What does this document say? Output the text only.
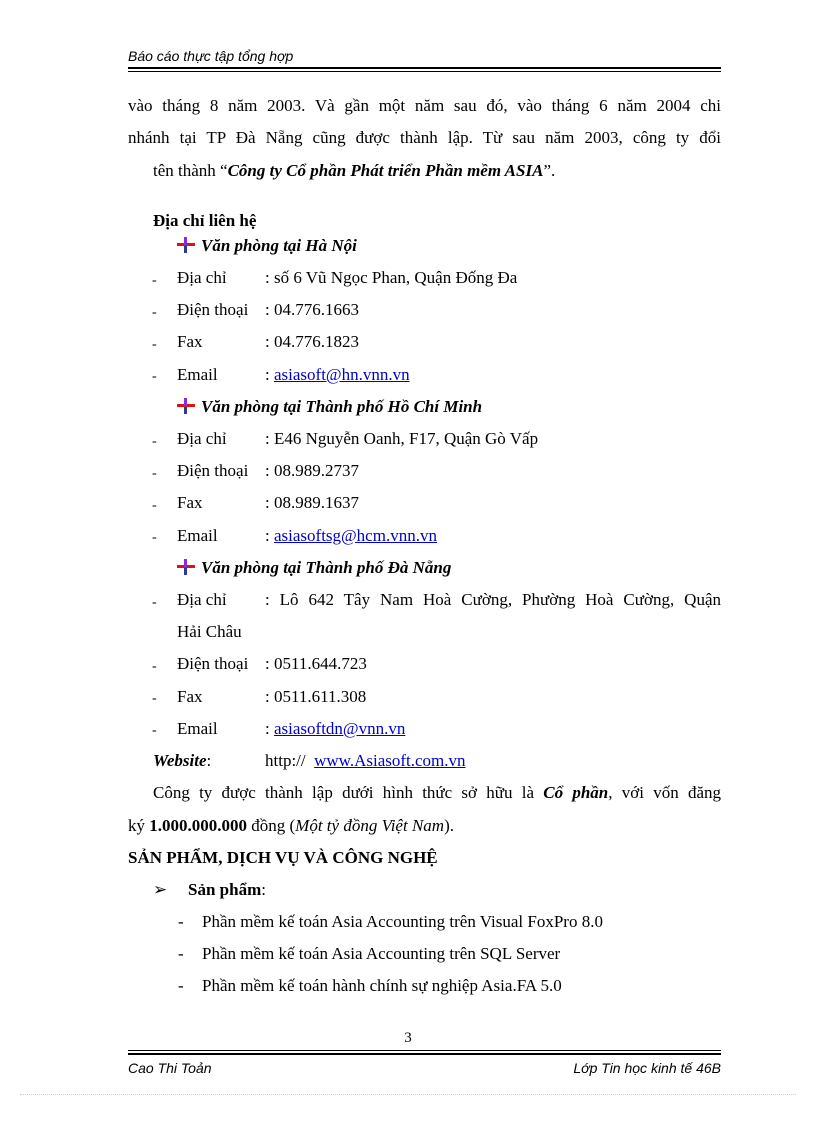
Báo cáo thực tập tổng hợp
vào tháng 8 năm 2003. Và gần một năm sau đó, vào tháng 6 năm 2004 chi
nhánh tại TP Đà Nẵng cũng được thành lập. Từ sau năm 2003, công ty đổi
tên thành “Công ty Cổ phần Phát triển Phần mềm ASIA”.
Địa chỉ liên hệ
Văn phòng tại Hà Nội
- Địa chỉ : số 6 Vũ Ngọc Phan, Quận Đống Đa
- Điện thoại : 04.776.1663
- Fax	: 04.776.1823
- Email	: asiasoft@hn.vnn.vn
Văn phòng tại Thành phố Hồ Chí Minh
- Địa chỉ : E46 Nguyễn Oanh, F17, Quận Gò Vấp
- Điện thoại : 08.989.2737
- Fax	: 08.989.1637
- Email	: asiasoftsg@hcm.vnn.vn
Văn phòng tại Thành phố Đà Nẵng
- Địa chỉ : Lô 642 Tây Nam Hoà Cường, Phường Hoà Cường, Quận
Hải Châu
- Điện thoại : 0511.644.723
- Fax	: 0511.611.308
- Email	: asiasoftdn@vnn.vn
Website:	http:// www.Asiasoft.com.vn
Công ty được thành lập dưới hình thức sở hữu là Cổ phần, với vốn đăng
ký 1.000.000.000 đồng (Một tỷ đồng Việt Nam).
SẢN PHẨM, DỊCH VỤ VÀ CÔNG NGHỆ
➢ Sản phẩm:
- Phần mềm kế toán Asia Accounting trên Visual FoxPro 8.0
- Phần mềm kế toán Asia Accounting trên SQL Server
- Phần mềm kế toán hành chính sự nghiệp Asia.FA 5.0
3
Cao Thi Toản	Lớp Tin học kinh tế 46B
